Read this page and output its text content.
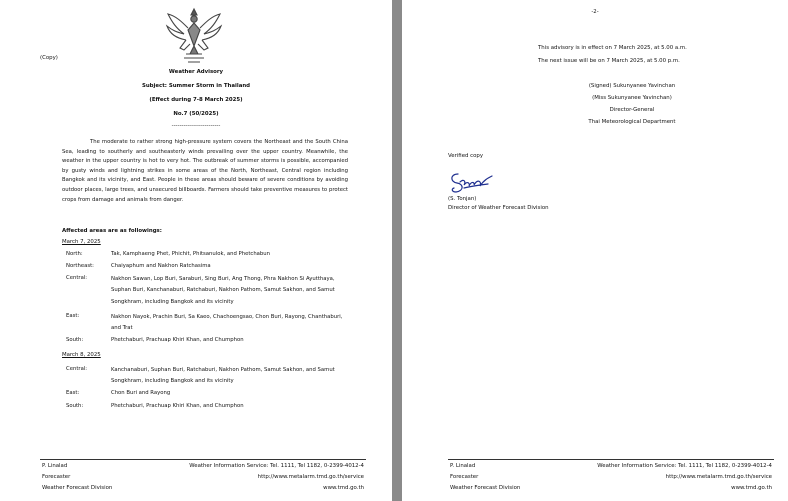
(Copy)
Weather Advisory
Subject: Summer Storm in Thailand
(Effect during 7-8 March 2025)
No.7 (50/2025)
-------------------------
The moderate to rather strong high-pressure system covers the Northeast and the South China Sea, leading to southerly and southeasterly winds prevailing over the upper country. Meanwhile, the weather in the upper country is hot to very hot. The outbreak of summer storms is possible, accompanied by gusty winds and lightning strikes in some areas of the North, Northeast, Central region including Bangkok and its vicinity, and East. People in these areas should beware of severe conditions by avoiding outdoor places, large trees, and unsecured billboards. Farmers should take preventive measures to protect crops from damage and animals from danger.
Affected areas are as followings:
March 7, 2025
North:	Tak, Kamphaeng Phet, Phichit, Phitsanulok, and Phetchabun
Northeast:	Chaiyaphum and Nakhon Ratchasima
Central:	Nakhon Sawan, Lop Buri, Saraburi, Sing Buri, Ang Thong, Phra Nakhon Si Ayutthaya, Suphan Buri, Kanchanaburi, Ratchaburi, Nakhon Pathom, Samut Sakhon, and Samut Songkhram, including Bangkok and its vicinity
East:	Nakhon Nayok, Prachin Buri, Sa Kaeo, Chachoengsao, Chon Buri, Rayong, Chanthaburi, and Trat
South:	Phetchaburi, Prachuap Khiri Khan, and Chumphon
March 8, 2025
Central:	Kanchanaburi, Suphan Buri, Ratchaburi, Nakhon Pathom, Samut Sakhon, and Samut Songkhram, including Bangkok and its vicinity
East:	Chon Buri and Rayong
South:	Phetchaburi, Prachuap Khiri Khan, and Chumphon
P. Linalad
Forecaster
Weather Forecast Division
Weather Information Service: Tel. 1111, Tel 1182, 0-2399-4012-4
http://www.metalarm.tmd.go.th/service
www.tmd.go.th
-2-
This advisory is in effect on 7 March 2025, at 5.00 a.m.
The next issue will be on 7 March 2025, at 5.00 p.m.
(Signed) Sukunyanee Yavinchan
(Miss Sukunyanee Yavinchan)
Director-General
Thai Meteorological Department
Verified copy
(S. Tonjan)
Director of Weather Forecast Division
P. Linalad
Forecaster
Weather Forecast Division
Weather Information Service: Tel. 1111, Tel 1182, 0-2399-4012-4
http://www.metalarm.tmd.go.th/service
www.tmd.go.th
